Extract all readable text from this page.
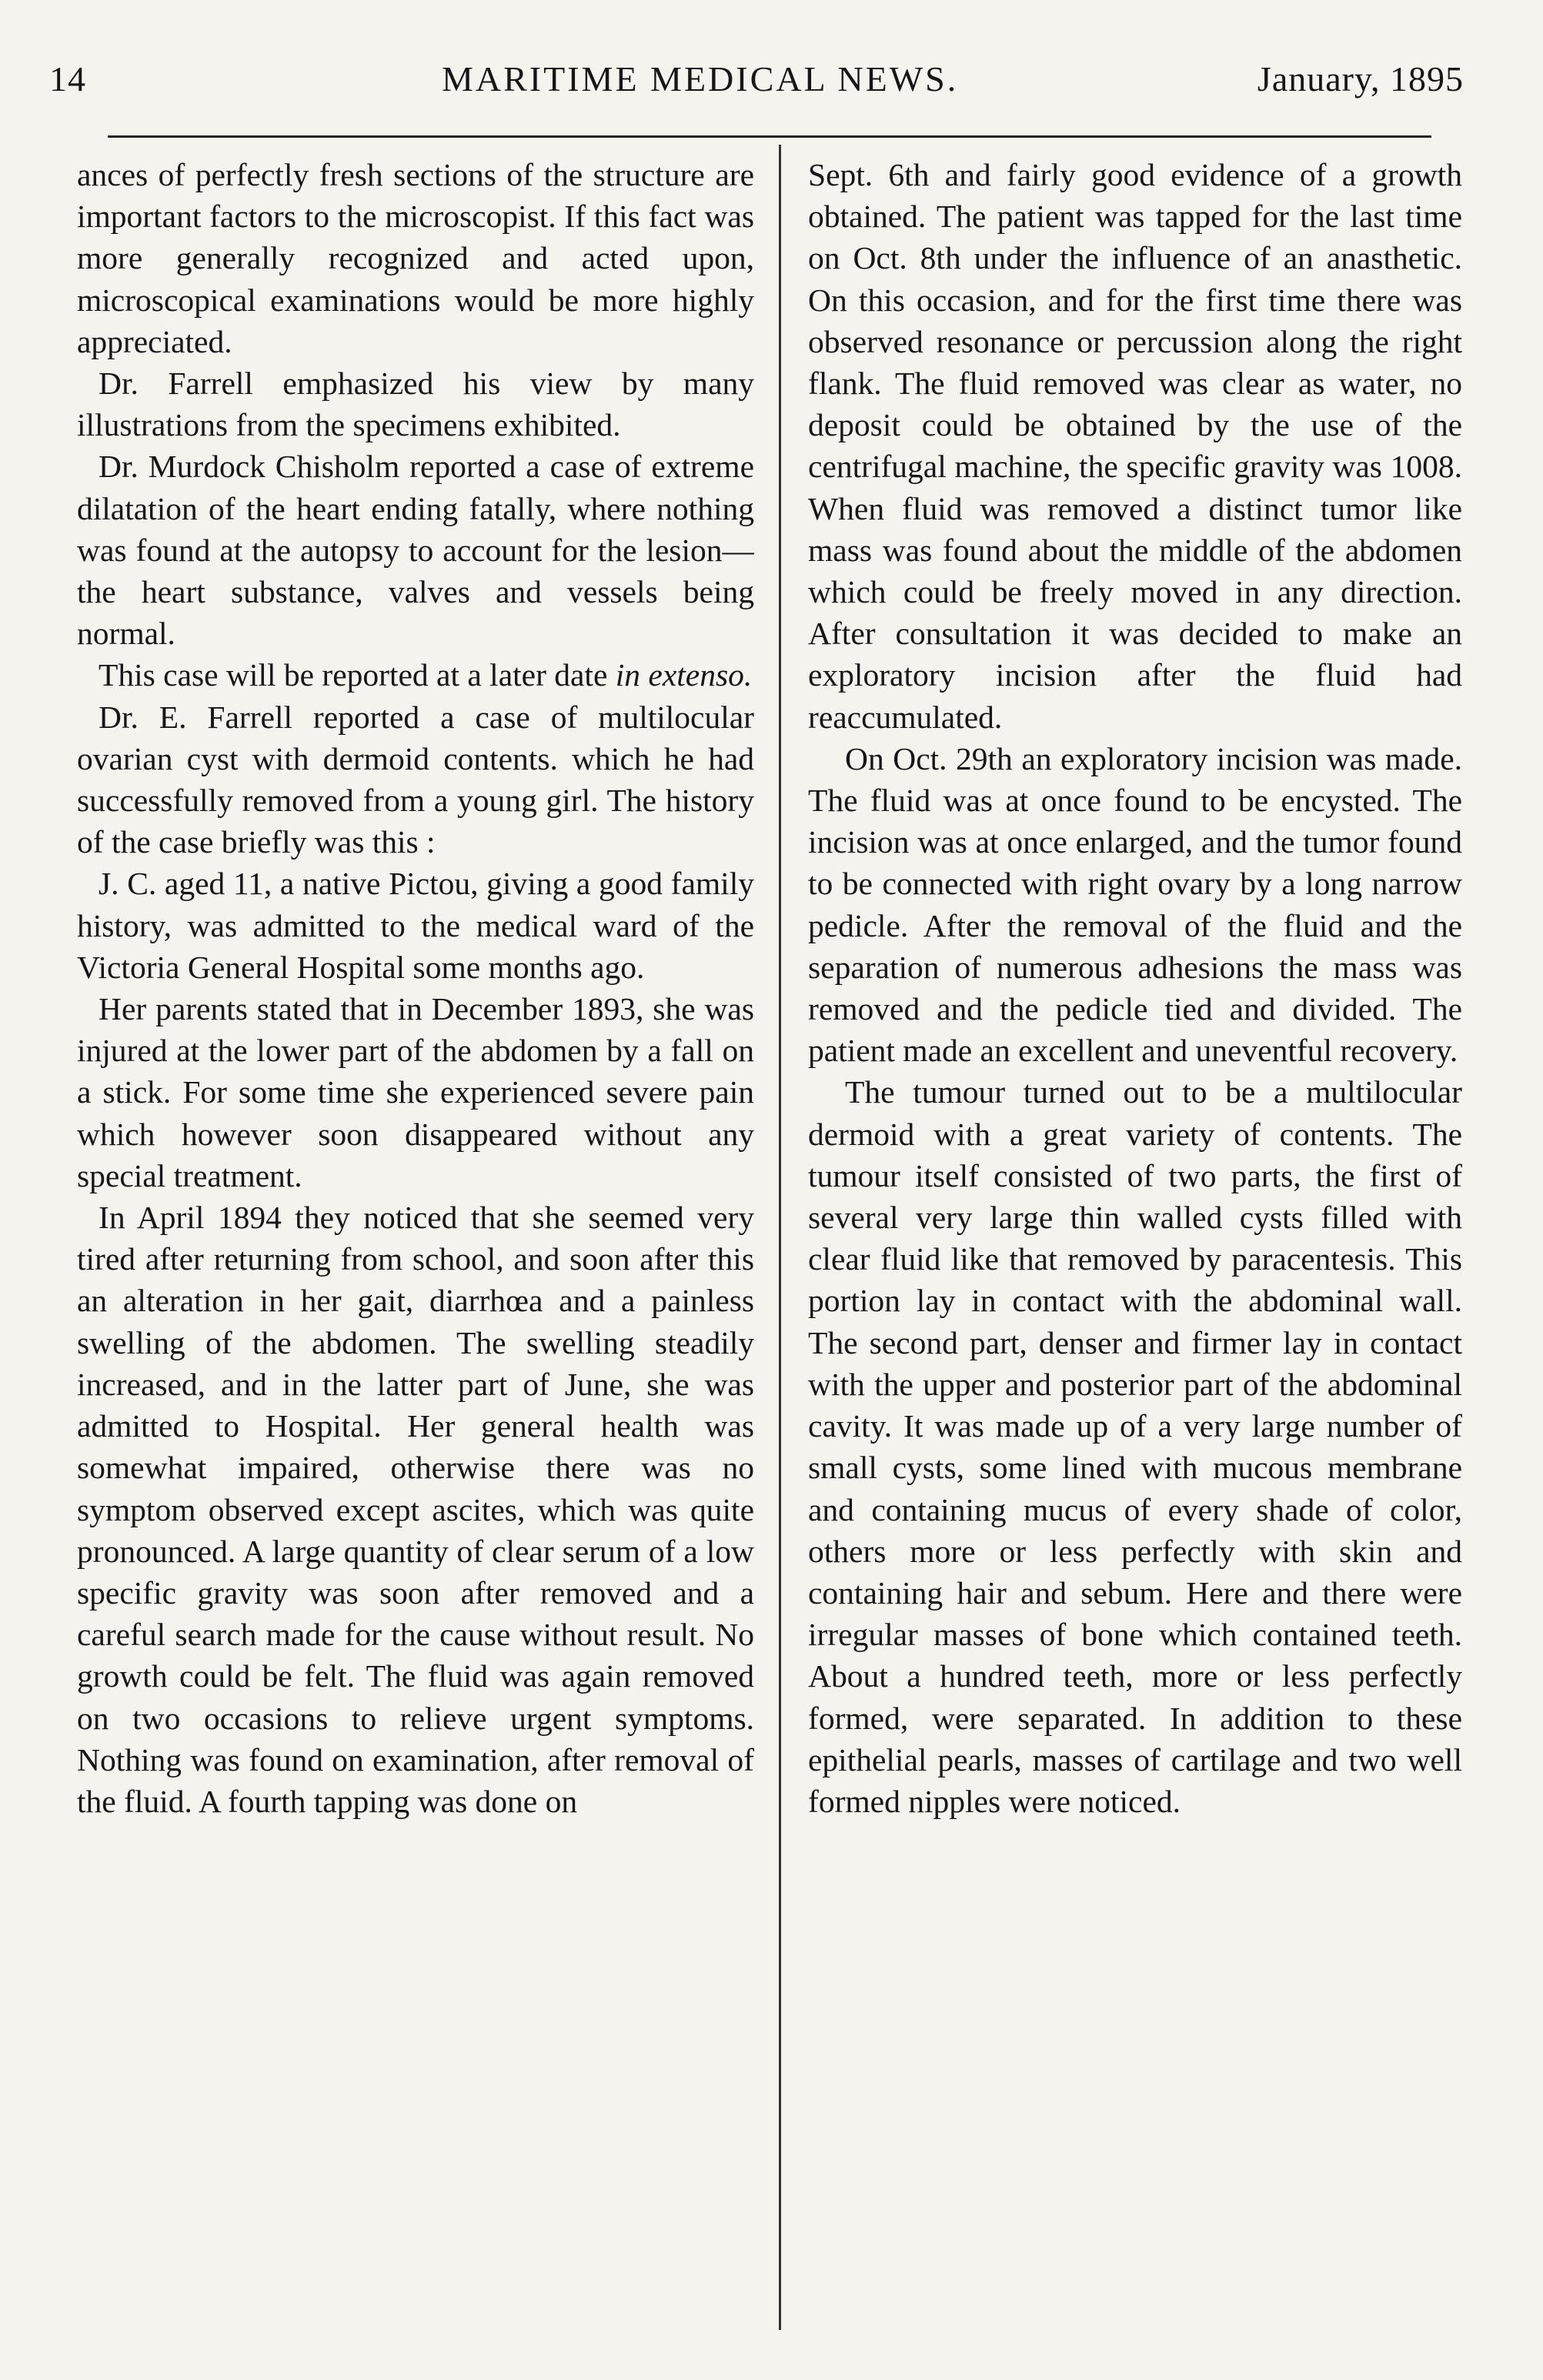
14	MARITIME MEDICAL NEWS.	January, 1895

ances of perfectly fresh sections of the structure are important factors to the microscopist. If this fact was more generally recognized and acted upon, microscopical examinations would be more highly appreciated.

Dr. Farrell emphasized his view by many illustrations from the specimens exhibited.

Dr. Murdock Chisholm reported a case of extreme dilatation of the heart ending fatally, where nothing was found at the autopsy to account for the lesion—the heart substance, valves and vessels being normal.

This case will be reported at a later date in extenso.

Dr. E. Farrell reported a case of multilocular ovarian cyst with dermoid contents. which he had successfully removed from a young girl. The history of the case briefly was this :

J. C. aged 11, a native Pictou, giving a good family history, was admitted to the medical ward of the Victoria General Hospital some months ago.

Her parents stated that in December 1893, she was injured at the lower part of the abdomen by a fall on a stick. For some time she experienced severe pain which however soon disappeared without any special treatment.

In April 1894 they noticed that she seemed very tired after returning from school, and soon after this an alteration in her gait, diarrhœa and a painless swelling of the abdomen. The swelling steadily increased, and in the latter part of June, she was admitted to Hospital. Her general health was somewhat impaired, otherwise there was no symptom observed except ascites, which was quite pronounced. A large quantity of clear serum of a low specific gravity was soon after removed and a careful search made for the cause without result. No growth could be felt. The fluid was again removed on two occasions to relieve urgent symptoms. Nothing was found on examination, after removal of the fluid. A fourth tapping was done on

Sept. 6th and fairly good evidence of a growth obtained. The patient was tapped for the last time on Oct. 8th under the influence of an anasthetic. On this occasion, and for the first time there was observed resonance or percussion along the right flank. The fluid removed was clear as water, no deposit could be obtained by the use of the centrifugal machine, the specific gravity was 1008. When fluid was removed a distinct tumor like mass was found about the middle of the abdomen which could be freely moved in any direction. After consultation it was decided to make an exploratory incision after the fluid had reaccumulated.

On Oct. 29th an exploratory incision was made. The fluid was at once found to be encysted. The incision was at once enlarged, and the tumor found to be connected with right ovary by a long narrow pedicle. After the removal of the fluid and the separation of numerous adhesions the mass was removed and the pedicle tied and divided. The patient made an excellent and uneventful recovery.

The tumour turned out to be a multilocular dermoid with a great variety of contents. The tumour itself consisted of two parts, the first of several very large thin walled cysts filled with clear fluid like that removed by paracentesis. This portion lay in contact with the abdominal wall. The second part, denser and firmer lay in contact with the upper and posterior part of the abdominal cavity. It was made up of a very large number of small cysts, some lined with mucous membrane and containing mucus of every shade of color, others more or less perfectly with skin and containing hair and sebum. Here and there were irregular masses of bone which contained teeth. About a hundred teeth, more or less perfectly formed, were separated. In addition to these epithelial pearls, masses of cartilage and two well formed nipples were noticed.
